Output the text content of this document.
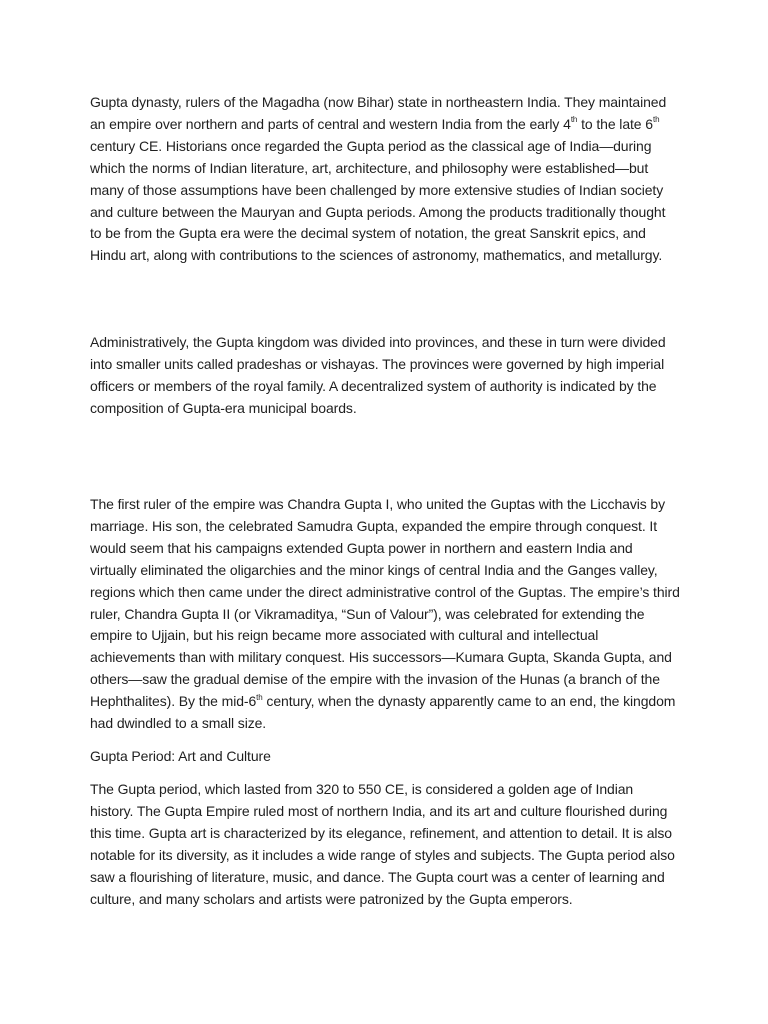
Gupta dynasty, rulers of the Magadha (now Bihar) state in northeastern India. They maintained an empire over northern and parts of central and western India from the early 4th to the late 6th century CE. Historians once regarded the Gupta period as the classical age of India—during which the norms of Indian literature, art, architecture, and philosophy were established—but many of those assumptions have been challenged by more extensive studies of Indian society and culture between the Mauryan and Gupta periods. Among the products traditionally thought to be from the Gupta era were the decimal system of notation, the great Sanskrit epics, and Hindu art, along with contributions to the sciences of astronomy, mathematics, and metallurgy.

Administratively, the Gupta kingdom was divided into provinces, and these in turn were divided into smaller units called pradeshas or vishayas. The provinces were governed by high imperial officers or members of the royal family. A decentralized system of authority is indicated by the composition of Gupta-era municipal boards.

The first ruler of the empire was Chandra Gupta I, who united the Guptas with the Licchavis by marriage. His son, the celebrated Samudra Gupta, expanded the empire through conquest. It would seem that his campaigns extended Gupta power in northern and eastern India and virtually eliminated the oligarchies and the minor kings of central India and the Ganges valley, regions which then came under the direct administrative control of the Guptas. The empire’s third ruler, Chandra Gupta II (or Vikramaditya, “Sun of Valour”), was celebrated for extending the empire to Ujjain, but his reign became more associated with cultural and intellectual achievements than with military conquest. His successors—Kumara Gupta, Skanda Gupta, and others—saw the gradual demise of the empire with the invasion of the Hunas (a branch of the Hephthalites). By the mid-6th century, when the dynasty apparently came to an end, the kingdom had dwindled to a small size.

Gupta Period: Art and Culture

The Gupta period, which lasted from 320 to 550 CE, is considered a golden age of Indian history. The Gupta Empire ruled most of northern India, and its art and culture flourished during this time. Gupta art is characterized by its elegance, refinement, and attention to detail. It is also notable for its diversity, as it includes a wide range of styles and subjects. The Gupta period also saw a flourishing of literature, music, and dance. The Gupta court was a center of learning and culture, and many scholars and artists were patronized by the Gupta emperors.
